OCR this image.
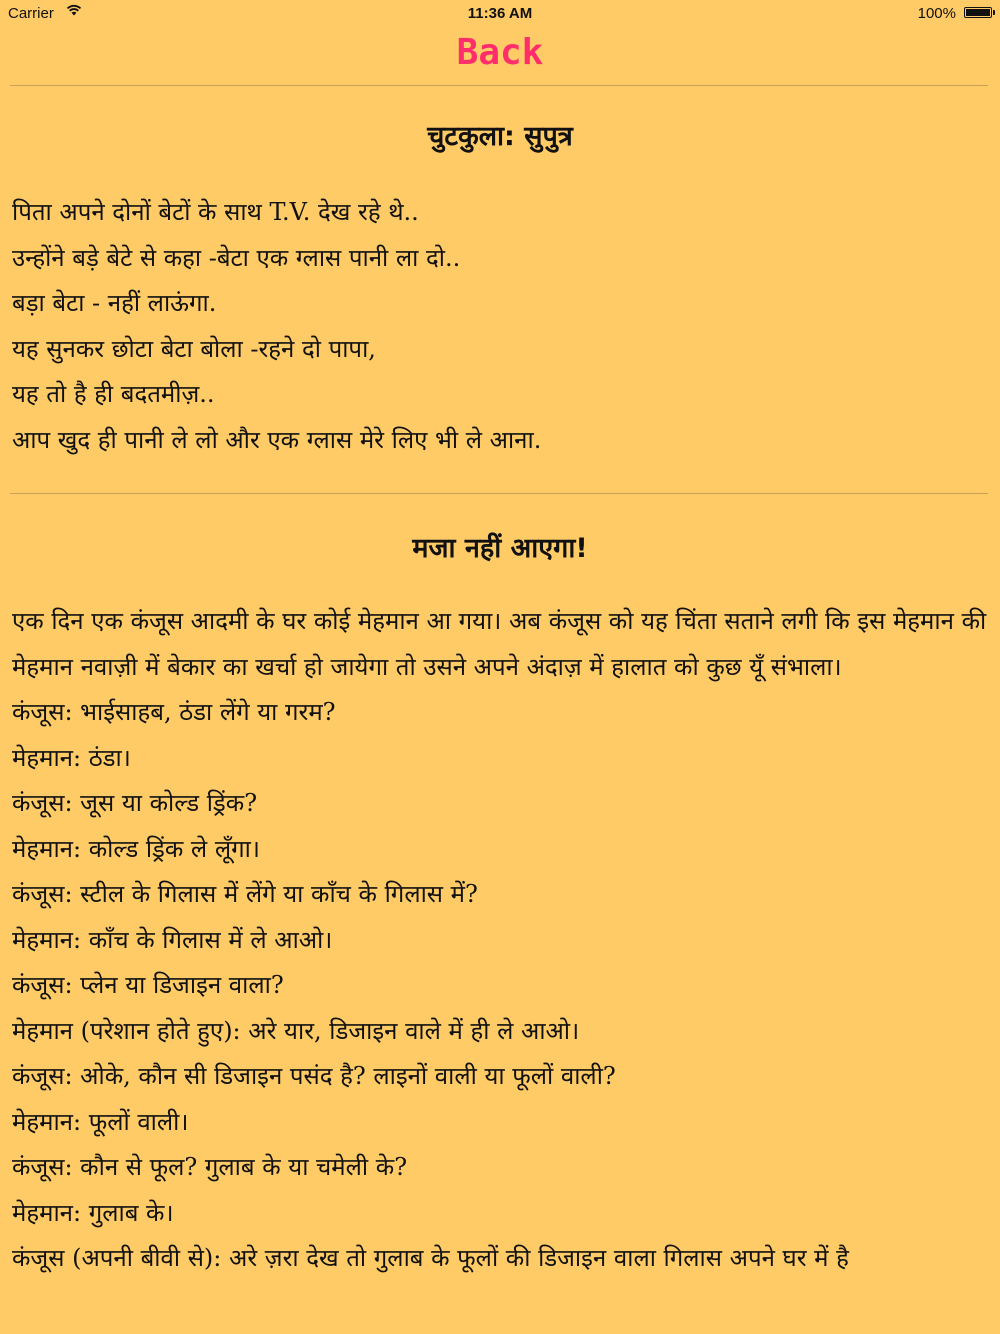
Carrier	11:36 AM	100%
Back
चुटकुला: सुपुत्र
पिता अपने दोनों बेटों के साथ T.V. देख रहे थे..
उन्होंने बड़े बेटे से कहा -बेटा एक ग्लास पानी ला दो..
बड़ा बेटा - नहीं लाऊंगा.
यह सुनकर छोटा बेटा बोला -रहने दो पापा,
यह तो है ही बदतमीज़..
आप खुद ही पानी ले लो और एक ग्लास मेरे लिए भी ले आना.
मजा नहीं आएगा!
एक दिन एक कंजूस आदमी के घर कोई मेहमान आ गया। अब कंजूस को यह चिंता सताने लगी कि इस मेहमान की मेहमान नवाज़ी में बेकार का खर्चा हो जायेगा तो उसने अपने अंदाज़ में हालात को कुछ यूँ संभाला।
कंजूस: भाईसाहब, ठंडा लेंगे या गरम?
मेहमान: ठंडा।
कंजूस: जूस या कोल्ड ड्रिंक?
मेहमान: कोल्ड ड्रिंक ले लूँगा।
कंजूस: स्टील के गिलास में लेंगे या काँच के गिलास में?
मेहमान: काँच के गिलास में ले आओ।
कंजूस: प्लेन या डिजाइन वाला?
मेहमान (परेशान होते हुए): अरे यार, डिजाइन वाले में ही ले आओ।
कंजूस: ओके, कौन सी डिजाइन पसंद है? लाइनों वाली या फूलों वाली?
मेहमान: फूलों वाली।
कंजूस: कौन से फूल? गुलाब के या चमेली के?
मेहमान: गुलाब के।
कंजूस (अपनी बीवी से): अरे ज़रा देख तो गुलाब के फूलों की डिजाइन वाला गिलास अपने घर में है
